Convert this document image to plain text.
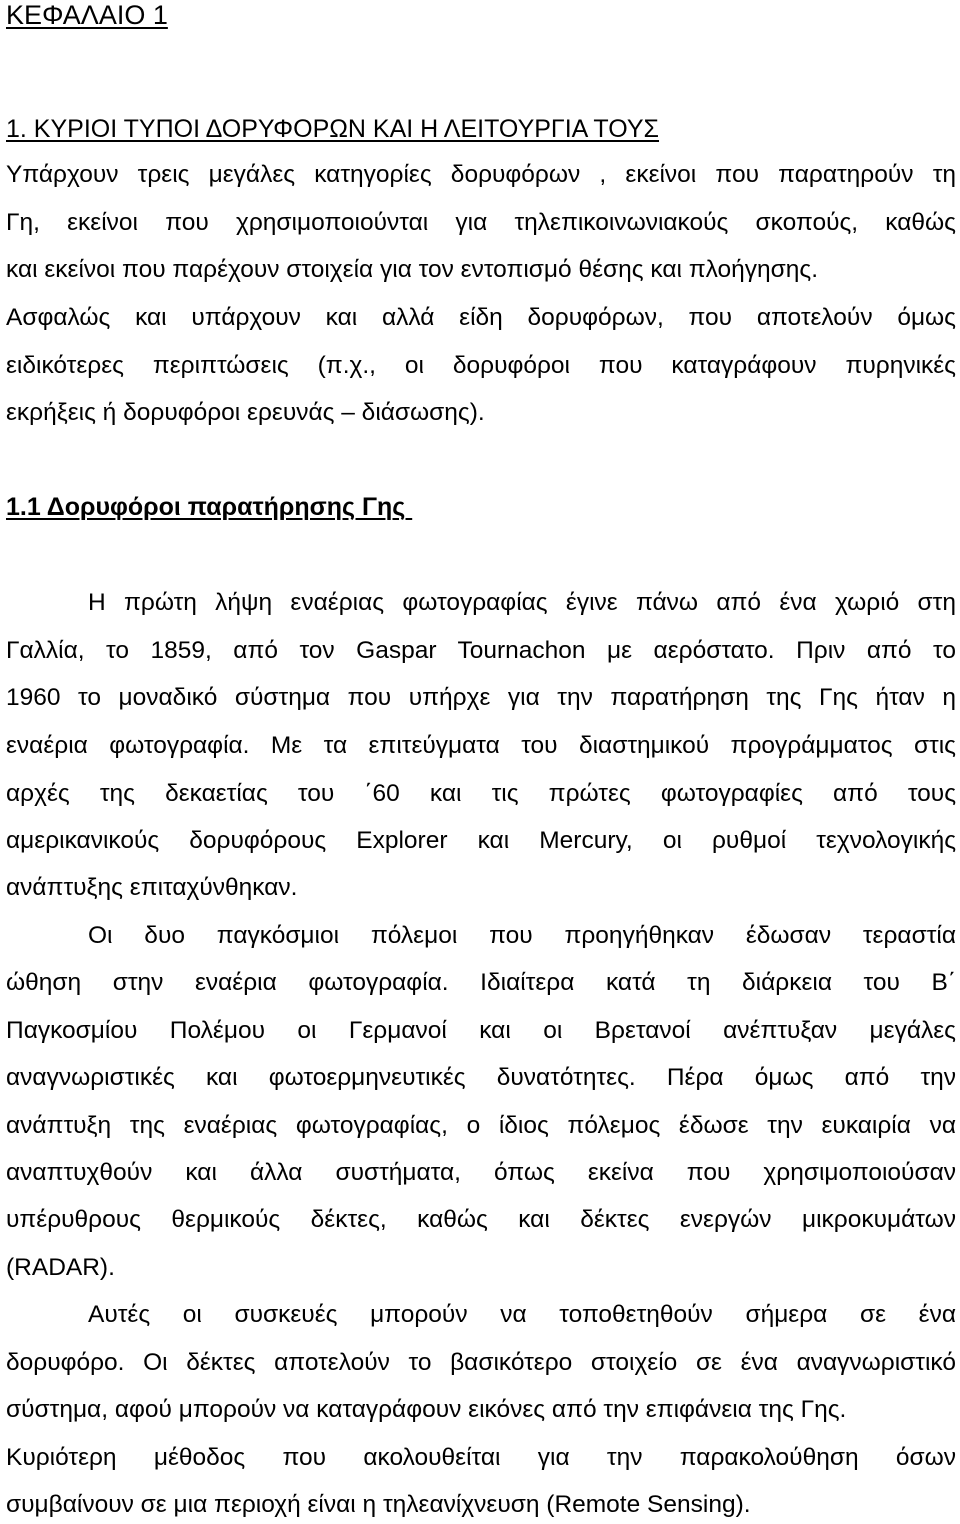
ΚΕΦΑΛΑΙΟ 1
1. ΚΥΡΙΟΙ ΤΥΠΟΙ ΔΟΡΥΦΟΡΩΝ ΚΑΙ Η ΛΕΙΤΟΥΡΓΙΑ ΤΟΥΣ
Υπάρχουν τρεις μεγάλες κατηγορίες δορυφόρων , εκείνοι που παρατηρούν τη
Γη, εκείνοι που χρησιμοποιούνται για τηλεπικοινωνιακούς σκοπούς, καθώς
και εκείνοι που παρέχουν στοιχεία για τον εντοπισμό θέσης και πλοήγησης.
Ασφαλώς και υπάρχουν και αλλά είδη δορυφόρων, που αποτελούν όμως
ειδικότερες περιπτώσεις (π.χ., οι δορυφόροι που καταγράφουν πυρηνικές
εκρήξεις ή δορυφόροι ερευνάς – διάσωσης).
1.1 Δορυφόροι παρατήρησης Γης
Η πρώτη λήψη εναέριας φωτογραφίας έγινε πάνω από ένα χωριό στη
Γαλλία, το 1859, από τον Gaspar Tournachon με αερόστατο. Πριν από το
1960 το μοναδικό σύστημα που υπήρχε για την παρατήρηση της Γης ήταν η
εναέρια φωτογραφία. Με τα επιτεύγματα του διαστημικού προγράμματος στις
αρχές της δεκαετίας του ΄60 και τις πρώτες φωτογραφίες από τους
αμερικανικούς δορυφόρους Explorer και Mercury, οι ρυθμοί τεχνολογικής
ανάπτυξης επιταχύνθηκαν.
Οι δυο παγκόσμιοι πόλεμοι που προηγήθηκαν έδωσαν τεραστία
ώθηση στην εναέρια φωτογραφία. Ιδιαίτερα κατά τη διάρκεια του Β΄
Παγκοσμίου Πολέμου οι Γερμανοί και οι Βρετανοί ανέπτυξαν μεγάλες
αναγνωριστικές και φωτοερμηνευτικές δυνατότητες. Πέρα όμως από την
ανάπτυξη της εναέριας φωτογραφίας, ο ίδιος πόλεμος έδωσε την ευκαιρία να
αναπτυχθούν και άλλα συστήματα, όπως εκείνα που χρησιμοποιούσαν
υπέρυθρους θερμικούς δέκτες, καθώς και δέκτες ενεργών μικροκυμάτων
(RADAR).
Αυτές οι συσκευές μπορούν να τοποθετηθούν σήμερα σε ένα
δορυφόρο. Οι δέκτες αποτελούν το βασικότερο στοιχείο σε ένα αναγνωριστικό
σύστημα, αφού μπορούν να καταγράφουν εικόνες από την επιφάνεια της Γης.
Κυριότερη μέθοδος που ακολουθείται για την παρακολούθηση όσων
συμβαίνουν σε μια περιοχή είναι η τηλεανίχνευση (Remote Sensing).
